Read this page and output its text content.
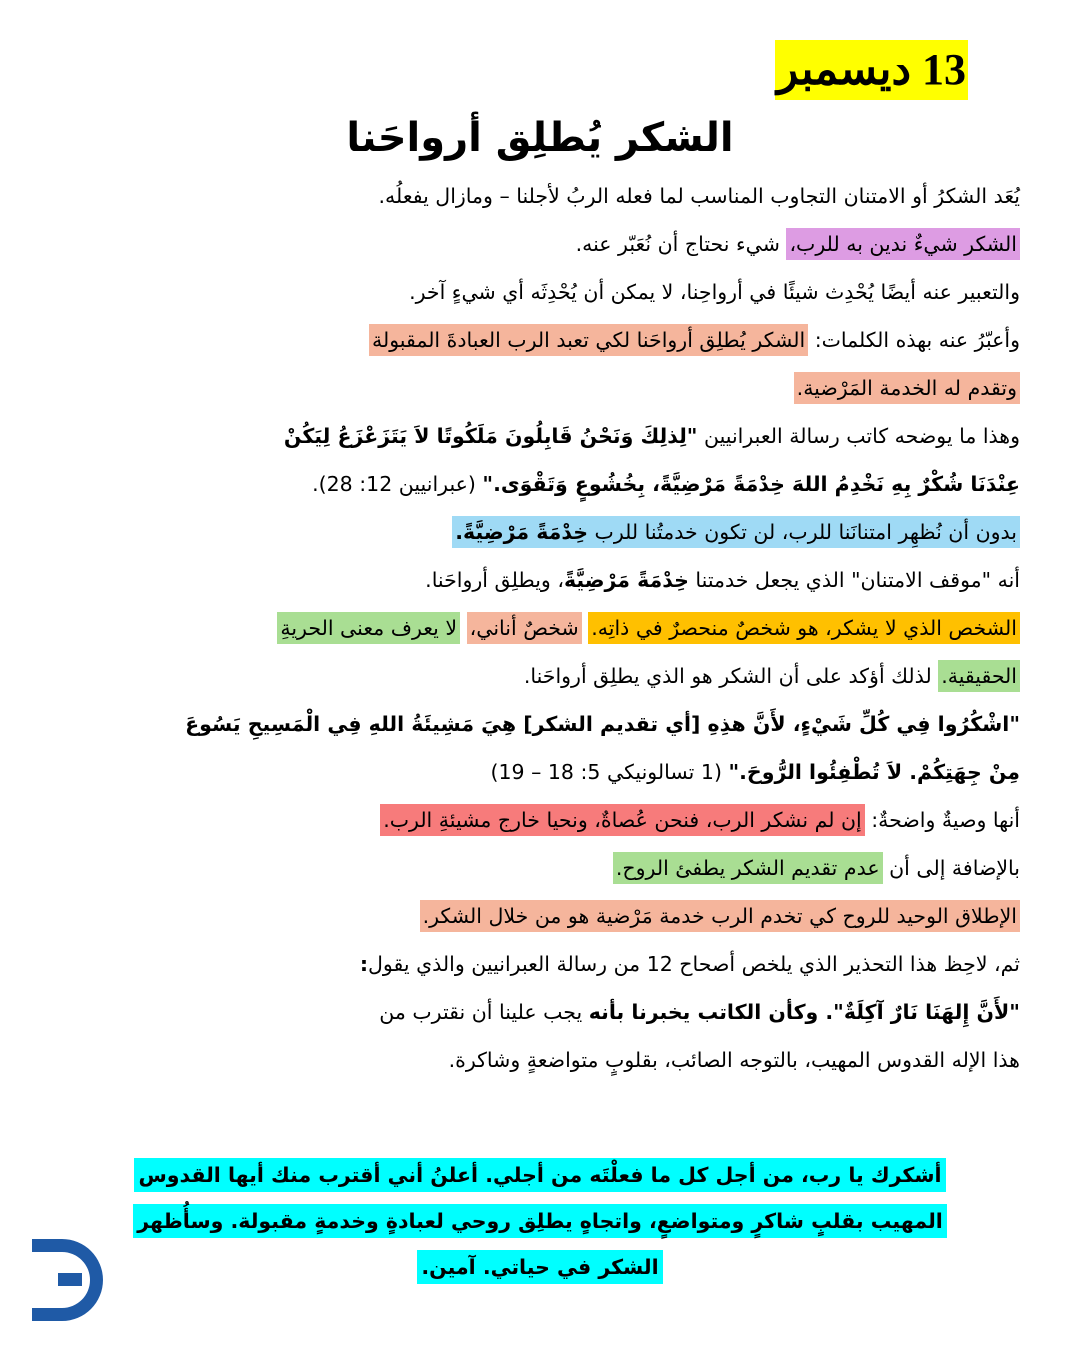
13 ديسمبر
الشكر يُطلِق أرواحَنا
يُعَد الشكرُ أو الامتنان التجاوب المناسب لما فعله الربُ لأجلنا – ومازال يفعلُه.
الشكر شيءٌ ندين به للرب، شيء نحتاج أن نُعَبّر عنه.
والتعبير عنه أيضًا يُحْدِث شيئًا في أرواحِنا، لا يمكن أن يُحْدِثَه أي شيءٍ آخر.
وأعبّرُ عنه بهذه الكلمات: الشكر يُطلِق أرواحَنا لكي تعبد الرب العبادةَ المقبولة
وتقدم له الخدمة المَرْضية.
وهذا ما يوضحه كاتب رسالة العبرانيين "لِذلِكَ وَنَحْنُ قَابِلُونَ مَلَكُوتًا لاَ يَتَزَعْزَعُ لِيَكُنْ
عِنْدَنَا شُكْرٌ بِهِ نَخْدِمُ اللهَ خِدْمَةً مَرْضِيَّةً، بِخُشُوعٍ وَتَقْوَى." (عبرانيين 12: 28).
بدون أن نُظهِر امتنانَنا للرب، لن تكون خدمتُنا للرب خِدْمَةً مَرْضِيَّةً.
أنه "موقف الامتنان" الذي يجعل خدمتنا خِدْمَةً مَرْضِيَّةً، ويطلِق أرواحَنا.
الشخص الذي لا يشكر، هو شخصٌ منحصرٌ في ذاتِه. شخصٌ أناني، لا يعرف معنى الحريةِ
الحقيقية. لذلك أؤكد على أن الشكر هو الذي يطلِق أرواحَنا.
"اشْكُرُوا فِي كُلِّ شَيْءٍ، لأَنَّ هذِهِ [أي تقديم الشكر] هِيَ مَشِيئَةُ اللهِ فِي الْمَسِيحِ يَسُوعَ
مِنْ جِهَتِكُمْ. لاَ تُطْفِئُوا الرُّوحَ." (1 تسالونيكي 5: 18 – 19)
أنها وصيةٌ واضحةٌ: إن لم نشكر الرب، فنحن عُصاةٌ، ونحيا خارج مشيئةِ الرب.
بالإضافة إلى أن عدم تقديم الشكر يطفئ الروح.
الإطلاق الوحيد للروح كي تخدم الرب خدمة مَرْضية هو من خلال الشكر.
ثم، لاحِظ هذا التحذير الذي يلخص أصحاح 12 من رسالة العبرانيين والذي يقول:
"لأَنَّ إِلهَنَا نَارٌ آكِلَةٌ". وكأن الكاتب يخبرنا بأنه يجب علينا أن نقترب من
هذا الإله القدوس المهيب، بالتوجه الصائب، بقلوبٍ متواضعةٍ وشاكرة.
أشكرك يا رب، من أجل كل ما فعلْتَه من أجلي. أعلنُ أني أقترب منك أيها القدوس
المهيب بقلبٍ شاكرٍ ومتواضعٍ، واتجاهٍ يطلِق روحي لعبادةٍ وخدمةٍ مقبولة. وسأُظهر
الشكر في حياتي. آمين.
